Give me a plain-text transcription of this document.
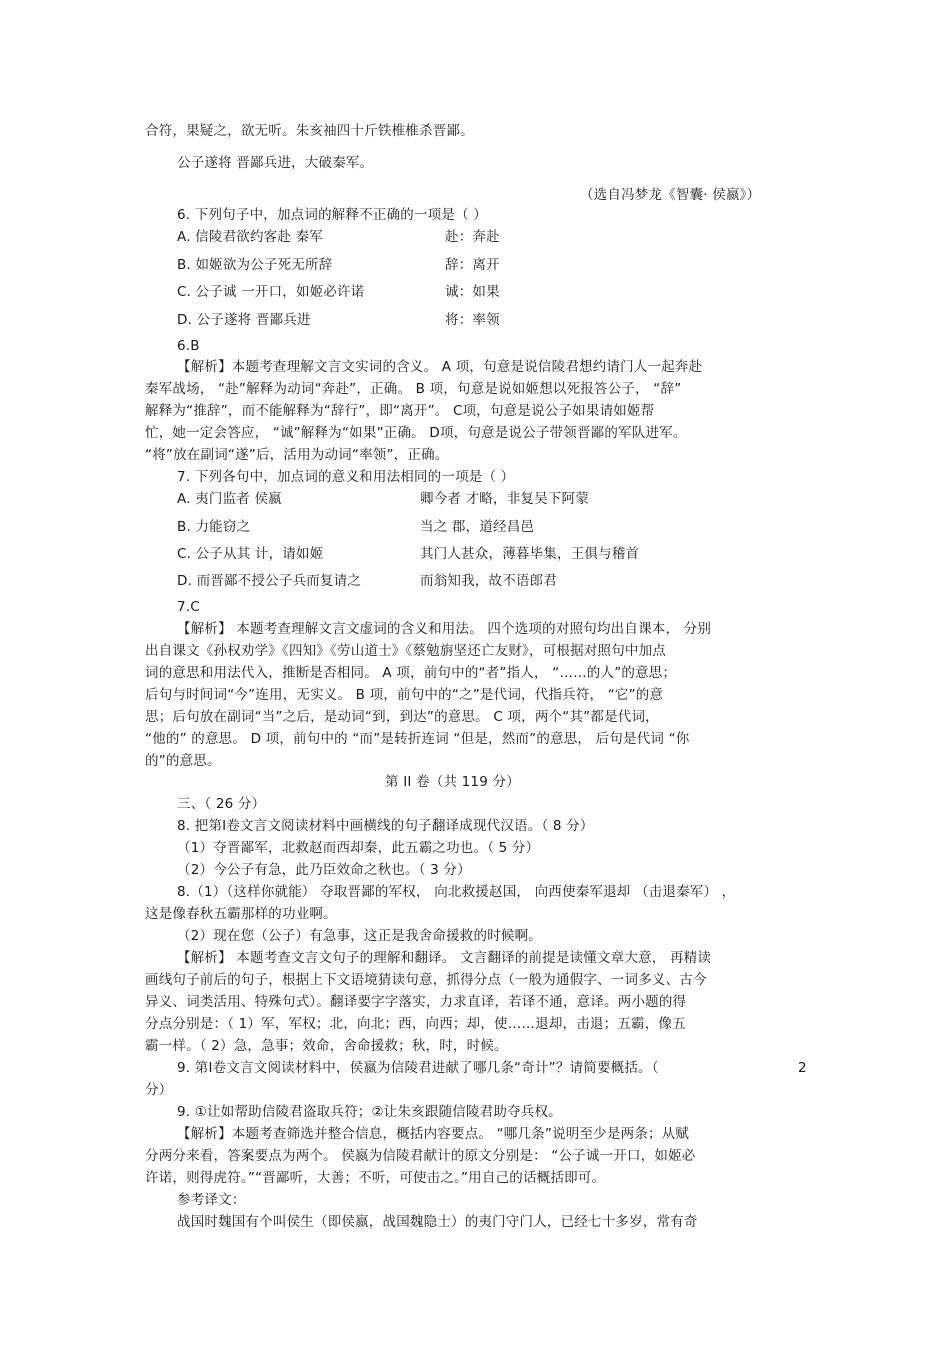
合符，果疑之，欲无听。朱亥袖四十斤铁椎椎杀晋鄙。
公子遂将 晋鄙兵进，大破秦军。
（选自冯梦龙《智囊· 侯嬴》）
6. 下列句子中，加点词的解释不正确的一项是（ ）
A. 信陵君欲约客赴 秦军	赴：奔赴
B. 如姬欲为公子死无所辞	辞：离开
C. 公子诚 一开口，如姬必许诺	诚：如果
D. 公子遂将 晋鄙兵进	将：率领
6.B
【解析】本题考查理解文言文实词的含义。 A 项，句意是说信陵君想约请门人一起奔赴
秦军战场， “赴”解释为动词“奔赴”，正确。 B 项，句意是说如姬想以死报答公子， “辞”
解释为“推辞”，而不能解释为“辞行”，即“离开”。 C项，句意是说公子如果请如姬帮
忙，她一定会答应， “诚”解释为“如果”正确。 D项，句意是说公子带领晋鄙的军队进军。
“将”放在副词“遂”后，活用为动词“率领”，正确。
7. 下列各句中，加点词的意义和用法相同的一项是（ ）
A. 夷门监者 侯嬴	卿今者 才略，非复吴下阿蒙
B. 力能窃之	当之 郡，道经昌邑
C. 公子从其 计，请如姬	其门人甚众，薄暮毕集，王俱与稽首
D. 而晋鄙不授公子兵而复请之	而翁知我，故不语郎君
7.C
【解析】 本题考查理解文言文虚词的含义和用法。 四个选项的对照句均出自课本， 分别
出自课文《孙权劝学》《四知》《劳山道士》《蔡勉旃坚还亡友财》，可根据对照句中加点
词的意思和用法代入，推断是否相同。 A 项，前句中的“者”指人， “……的人”的意思；
后句与时间词“今”连用，无实义。 B 项，前句中的“之”是代词，代指兵符， “它”的意
思；后句放在副词“当”之后，是动词“到，到达”的意思。 C 项，两个“其”都是代词，
“他的” 的意思。 D 项，前句中的 “而”是转折连词 “但是，然而”的意思， 后句是代词 “你
的”的意思。
第 II 卷（共 119 分）
三、（ 26 分）
8. 把第Ⅰ卷文言文阅读材料中画横线的句子翻译成现代汉语。（ 8 分）
（1）夺晋鄙军，北救赵而西却秦，此五霸之功也。（ 5 分）
（2）今公子有急，此乃臣效命之秋也。（ 3 分）
8.（1）（这样你就能） 夺取晋鄙的军权， 向北救援赵国， 向西使秦军退却 （击退秦军） ，
这是像春秋五霸那样的功业啊。
（2）现在您（公子）有急事，这正是我舍命援救的时候啊。
【解析】 本题考查文言文句子的理解和翻译。 文言翻译的前提是读懂文章大意， 再精读
画线句子前后的句子，根据上下文语境猜读句意，抓得分点（一般为通假字、一词多义、古今
异义、词类活用、特殊句式）。翻译要字字落实，力求直译，若译不通，意译。两小题的得
分点分别是：（ 1）军，军权；北，向北；西，向西；却，使……退却，击退；五霸，像五
霸一样。（ 2）急，急事；效命，舍命援救；秋，时，时候。
9. 第Ⅰ卷文言文阅读材料中，侯嬴为信陵君进献了哪几条“奇计”？请简要概括。（	2
分）
9. ①让如帮助信陵君盗取兵符；②让朱亥跟随信陵君助夺兵权。
【解析】本题考查筛选并整合信息，概括内容要点。 “哪几条”说明至少是两条；从赋
分两分来看，答案要点为两个。 侯嬴为信陵君献计的原文分别是： “公子诚一开口，如姬必
许诺，则得虎符。”“晋鄙听，大善；不听，可使击之。”用自己的话概括即可。
参考译文：
战国时魏国有个叫侯生（即侯嬴，战国魏隐士）的夷门守门人，已经七十多岁，常有奇
